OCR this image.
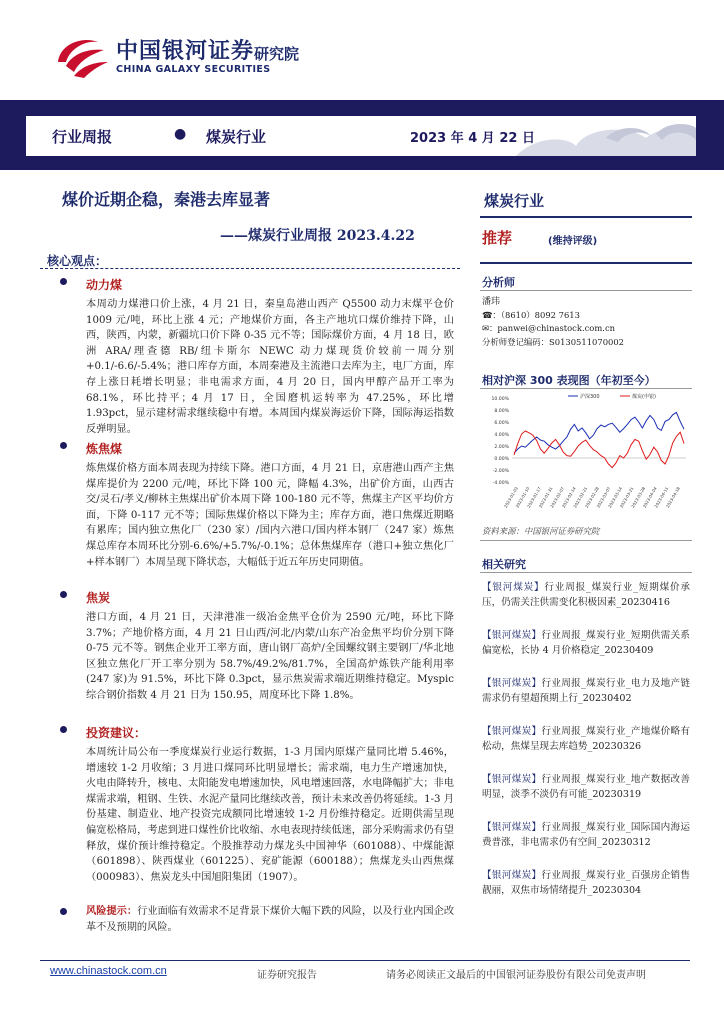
中国银河证券
CHINA GALAXY SECURITIES
研究院
行业周报	● 煤炭行业	2023 年 4 月 22 日
煤价近期企稳，秦港去库显著
——煤炭行业周报 2023.4.22
核心观点：
动力煤
本周动力煤港口价上涨，4 月 21 日，秦皇岛港山西产 Q5500 动力末煤平仓价 1009 元/吨，环比上涨 4 元；产地煤价方面，各主产地坑口煤价维持下降，山西，陕西，内蒙，新疆坑口价下降 0-35 元不等；国际煤价方面，4 月 18 日，欧洲 ARA/理查德 RB/纽卡斯尔 NEWC 动力煤现货价较前一周分别+0.1/-6.6/-5.4%；港口库存方面，本周秦港及主流港口去库为主，电厂方面，库存上涨日耗增长明显；非电需求方面，4 月 20 日，国内甲醇产品开工率为 68.1%，环比持平；4 月 17 日，全国磨机运转率为 47.25%，环比增 1.93pct，显示建材需求继续稳中有增。本周国内煤炭海运价下降，国际海运指数反弹明显。
炼焦煤
炼焦煤价格方面本周表现为持续下降。港口方面，4 月 21 日，京唐港山西产主焦煤库提价为 2200 元/吨，环比下降 100 元，降幅 4.3%，出矿价方面，山西古交/灵石/孝义/柳林主焦煤出矿价本周下降 100-180 元不等，焦煤主产区平均价方面，下降 0-117 元不等；国际焦煤价格以下降为主；库存方面，港口焦煤近期略有累库；国内独立焦化厂（230 家）/国内六港口/国内样本钢厂（247 家）炼焦煤总库存本周环比分别-6.6%/+5.7%/-0.1%；总体焦煤库存（港口+独立焦化厂+样本钢厂）本周呈现下降状态，大幅低于近五年历史同期值。
焦炭
港口方面，4 月 21 日，天津港准一级冶金焦平仓价为 2590 元/吨，环比下降 3.7%；产地价格方面，4 月 21 日山西/河北/内蒙/山东产冶金焦平均价分别下降 0-75 元不等。钢焦企业开工率方面，唐山钢厂高炉/全国螺纹钢主要钢厂/华北地区独立焦化厂开工率分别为 58.7%/49.2%/81.7%，全国高炉炼铁产能利用率(247 家)为 91.5%，环比下降 0.3pct，显示焦炭需求端近期维持稳定。Myspic 综合钢价指数 4 月 21 日为 150.95，周度环比下降 1.8%。
投资建议：
本周统计局公布一季度煤炭行业运行数据，1-3 月国内原煤产量同比增 5.46%，增速较 1-2 月收缩；3 月进口煤同环比明显增长；需求端，电力生产增速加快，火电由降转升，核电、太阳能发电增速加快，风电增速回落，水电降幅扩大；非电煤需求端，粗钢、生铁、水泥产量同比继续改善，预计未来改善仍将延续。1-3 月份基建、制造业、地产投资完成额同比增速较 1-2 月份维持稳定。近期供需呈现偏宽松格局，考虑到进口煤性价比收缩、水电表现持续低迷，部分采购需求仍有望释放，煤价预计维持稳定。个股推荐动力煤龙头中国神华（601088）、中煤能源（601898）、陕西煤业（601225）、兖矿能源（600188）；焦煤龙头山西焦煤（000983）、焦炭龙头中国旭阳集团（1907）。
风险提示：行业面临有效需求不足背景下煤价大幅下跌的风险，以及行业内国企改革不及预期的风险。
煤炭行业
推荐	(维持评级)
分析师
潘玮
☎：（8610）8092 7613
✉：panwei@chinastock.com.cn
分析师登记编码：S0130511070002
相对沪深 300 表现图（年初至今）
10.00%
8.00%
6.00%
4.00%
2.00%
0.00%
-2.00%
-4.00%
2023-01-03
2023-01-10
2023-01-17
2023-01-31
2023-02-07
2023-02-14
2023-02-21
2023-02-28
2023-03-07
2023-03-14
2023-03-21
2023-03-28
2023-04-04
2023-04-11
2023-04-18
沪深300	煤炭(申银)
资料来源：中国银河证券研究院
相关研究
【银河煤炭】行业周报_煤炭行业_短期煤价承压，仍需关注供需变化积极因素_20230416
【银河煤炭】行业周报_煤炭行业_短期供需关系偏宽松，长协 4 月价格稳定_20230409
【银河煤炭】行业周报_煤炭行业_电力及地产链需求仍有望超预期上行_20230402
【银河煤炭】行业周报_煤炭行业_产地煤价略有松动，焦煤呈现去库趋势_20230326
【银河煤炭】行业周报_煤炭行业_地产数据改善明显，淡季不淡仍有可能_20230319
【银河煤炭】行业周报_煤炭行业_国际国内海运费普涨，非电需求仍有空间_20230312
【银河煤炭】行业周报_煤炭行业_百强房企销售靓丽，双焦市场情绪提升_20230304
www.chinastock.com.cn	证券研究报告	请务必阅读正文最后的中国银河证券股份有限公司免责声明
